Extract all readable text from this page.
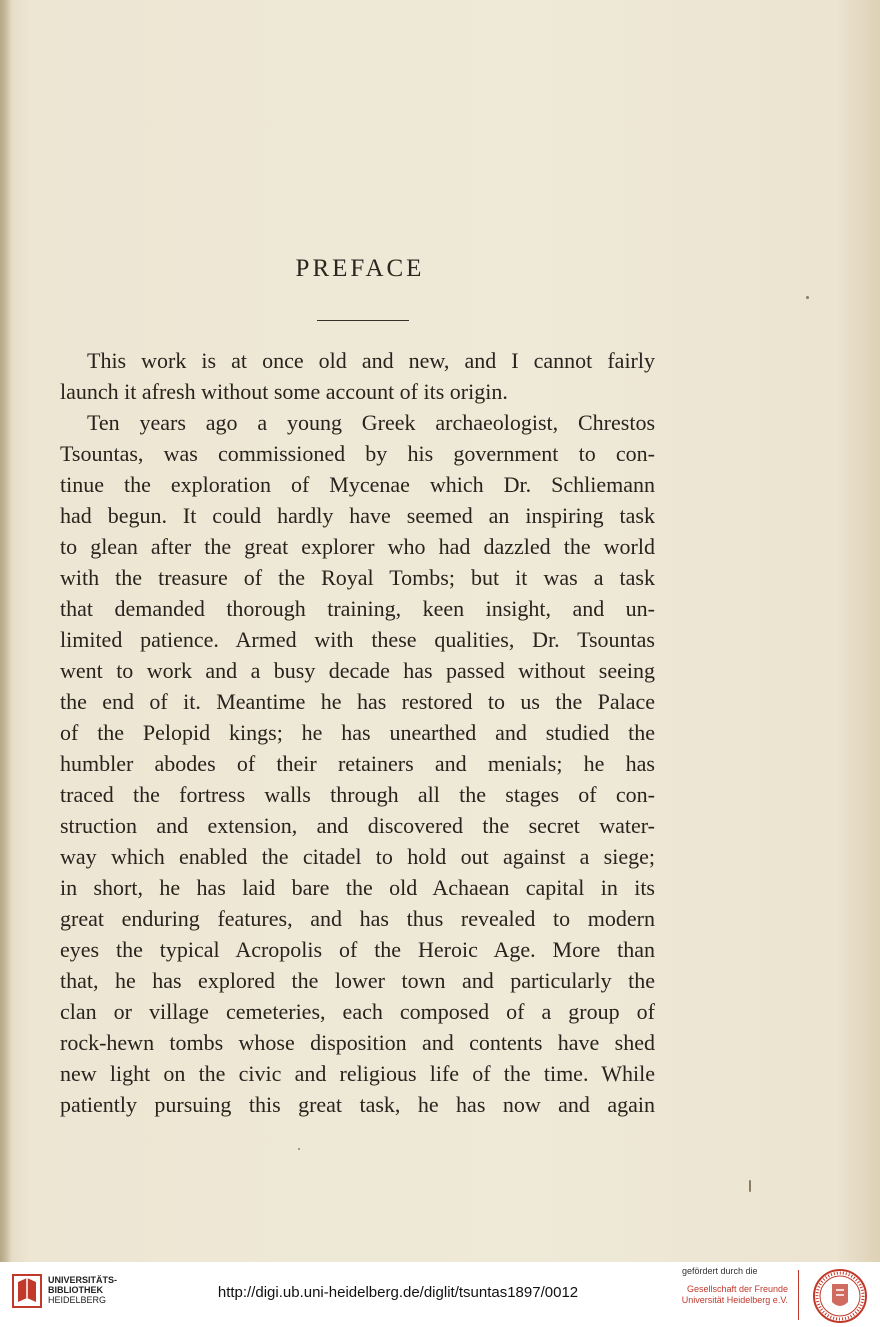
PREFACE
This work is at once old and new, and I cannot fairly
launch it afresh without some account of its origin.
Ten years ago a young Greek archaeologist, Chrestos
Tsountas, was commissioned by his government to con-
tinue the exploration of Mycenae which Dr. Schliemann
had begun. It could hardly have seemed an inspiring task
to glean after the great explorer who had dazzled the world
with the treasure of the Royal Tombs; but it was a task
that demanded thorough training, keen insight, and un-
limited patience. Armed with these qualities, Dr. Tsountas
went to work and a busy decade has passed without seeing
the end of it. Meantime he has restored to us the Palace
of the Pelopid kings; he has unearthed and studied the
humbler abodes of their retainers and menials; he has
traced the fortress walls through all the stages of con-
struction and extension, and discovered the secret water-
way which enabled the citadel to hold out against a siege;
in short, he has laid bare the old Achaean capital in its
great enduring features, and has thus revealed to modern
eyes the typical Acropolis of the Heroic Age. More than
that, he has explored the lower town and particularly the
clan or village cemeteries, each composed of a group of
rock-hewn tombs whose disposition and contents have shed
new light on the civic and religious life of the time. While
patiently pursuing this great task, he has now and again
UNIVERSITÄTS-
BIBLIOTHEK
HEIDELBERG	http://digi.ub.uni-heidelberg.de/diglit/tsuntas1897/0012
gefördert durch die
Gesellschaft der Freunde
Universität Heidelberg e.V.
